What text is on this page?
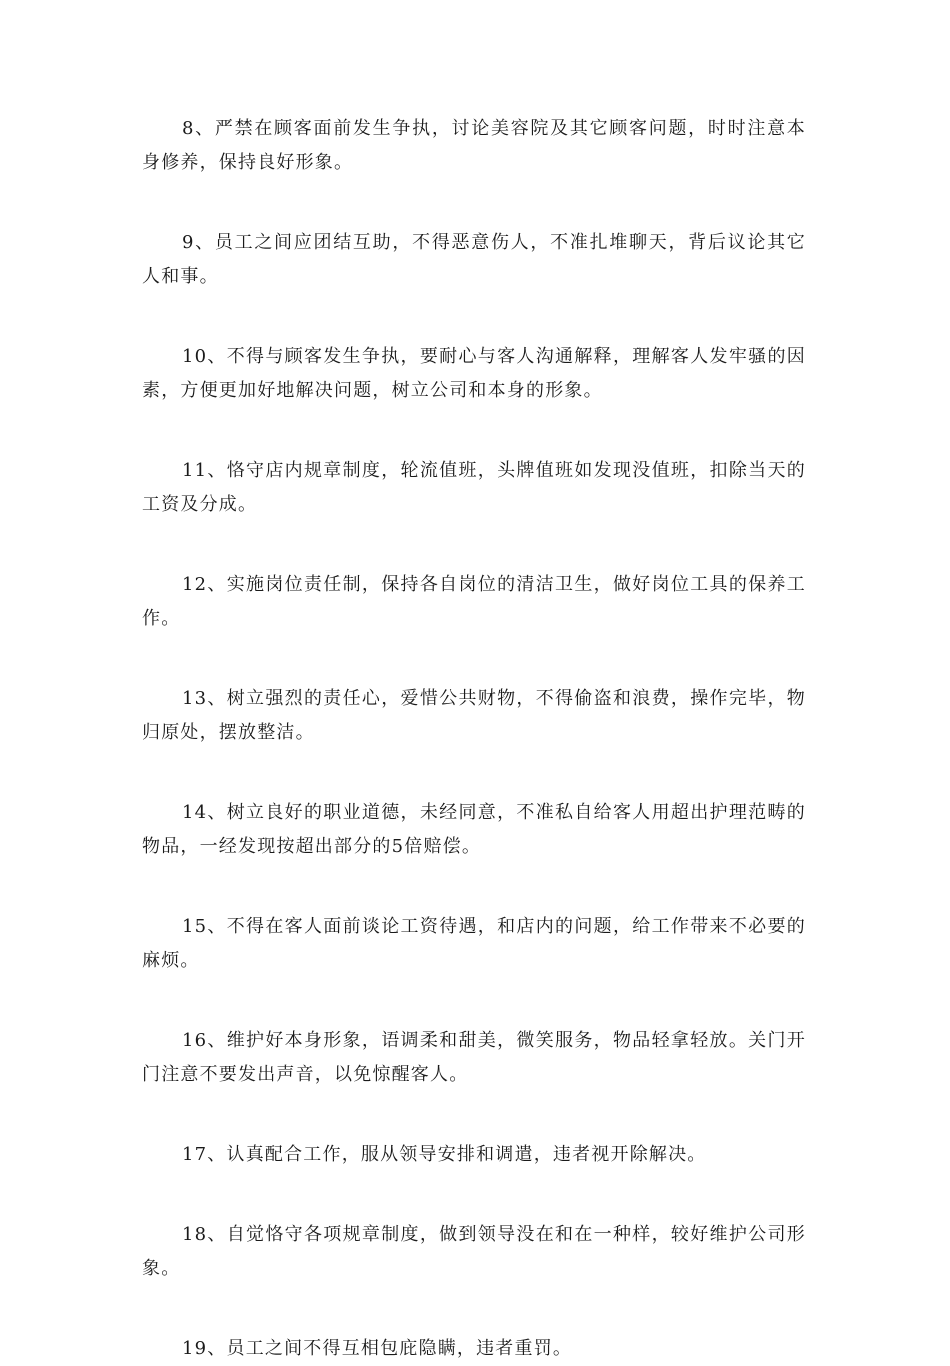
8、严禁在顾客面前发生争执，讨论美容院及其它顾客问题，时时注意本身修养，保持良好形象。

9、员工之间应团结互助，不得恶意伤人，不准扎堆聊天，背后议论其它人和事。

10、不得与顾客发生争执，要耐心与客人沟通解释，理解客人发牢骚的因素，方便更加好地解决问题，树立公司和本身的形象。

11、恪守店内规章制度，轮流值班，头牌值班如发现没值班，扣除当天的工资及分成。

12、实施岗位责任制，保持各自岗位的清洁卫生，做好岗位工具的保养工作。

13、树立强烈的责任心，爱惜公共财物，不得偷盗和浪费，操作完毕，物归原处，摆放整洁。

14、树立良好的职业道德，未经同意，不准私自给客人用超出护理范畴的物品，一经发现按超出部分的5倍赔偿。

15、不得在客人面前谈论工资待遇，和店内的问题，给工作带来不必要的麻烦。

16、维护好本身形象，语调柔和甜美，微笑服务，物品轻拿轻放。关门开门注意不要发出声音，以免惊醒客人。

17、认真配合工作，服从领导安排和调遣，违者视开除解决。

18、自觉恪守各项规章制度，做到领导没在和在一种样，较好维护公司形象。

19、员工之间不得互相包庇隐瞒，违者重罚。
